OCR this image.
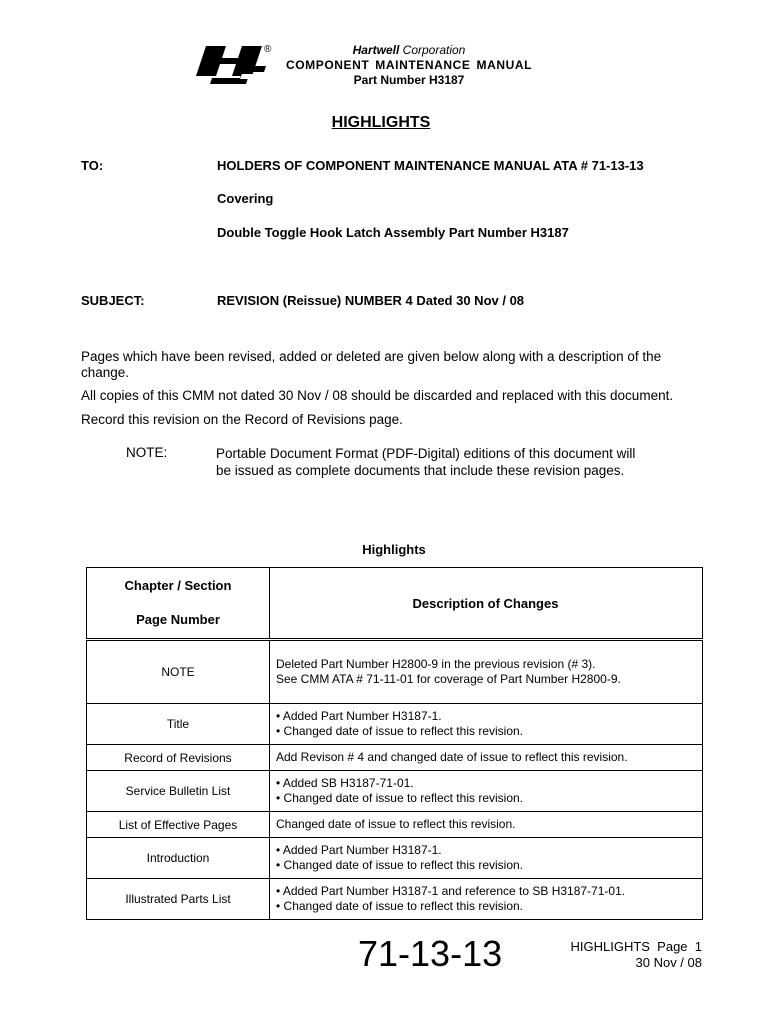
®	Hartwell Corporation
COMPONENT MAINTENANCE MANUAL
Part Number H3187
HIGHLIGHTS
TO:	HOLDERS OF COMPONENT MAINTENANCE MANUAL ATA # 71-13-13
Covering
Double Toggle Hook Latch Assembly Part Number H3187
SUBJECT:	REVISION (Reissue) NUMBER 4 Dated 30 Nov / 08
Pages which have been revised, added or deleted are given below along with a description of the change.
All copies of this CMM not dated 30 Nov / 08 should be discarded and replaced with this document.
Record this revision on the Record of Revisions page.
NOTE:	Portable Document Format (PDF-Digital) editions of this document will be issued as complete documents that include these revision pages.
Highlights
Chapter / Section
Page Number	Description of Changes
NOTE	Deleted Part Number H2800-9 in the previous revision (# 3).
See CMM ATA # 71-11-01 for coverage of Part Number H2800-9.

Title	• Added Part Number H3187-1.
• Changed date of issue to reflect this revision.

Record of Revisions	Add Revison # 4 and changed date of issue to reflect this revision.

Service Bulletin List	• Added SB H3187-71-01.
• Changed date of issue to reflect this revision.

List of Effective Pages	Changed date of issue to reflect this revision.

Introduction	• Added Part Number H3187-1.
• Changed date of issue to reflect this revision.

Illustrated Parts List	• Added Part Number H3187-1 and reference to SB H3187-71-01.
• Changed date of issue to reflect this revision.
71-13-13	HIGHLIGHTS  Page  1
30 Nov / 08
